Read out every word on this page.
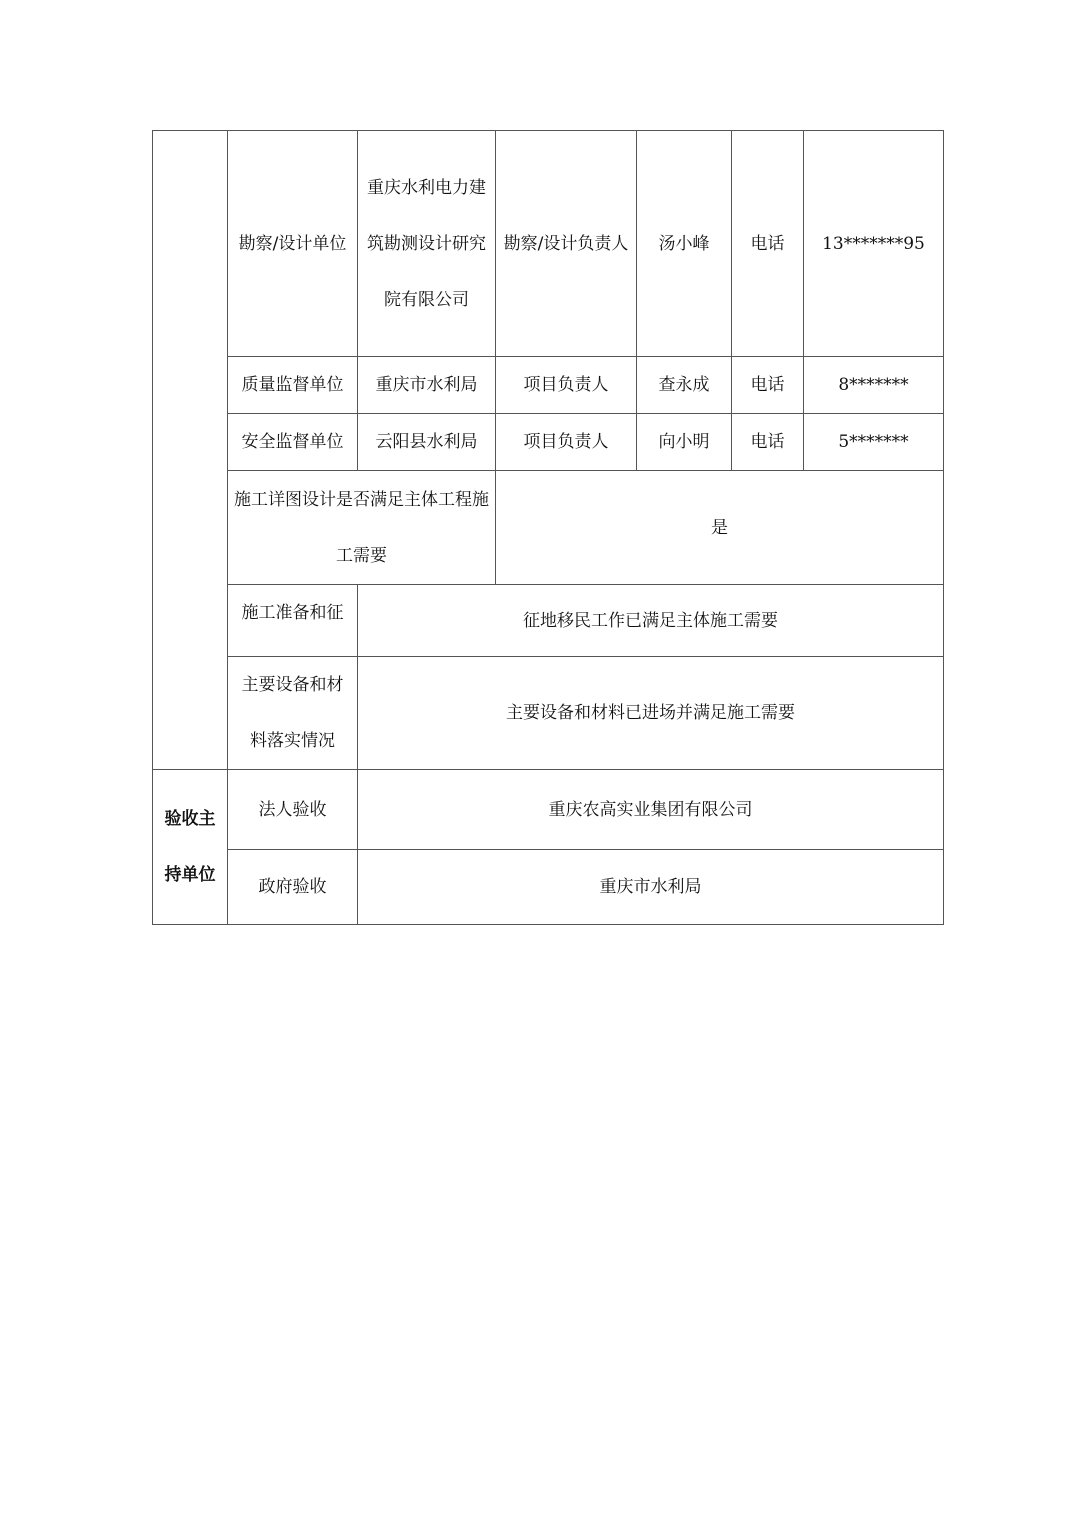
	勘察/设计单位	重庆水利电力建筑勘测设计研究院有限公司	勘察/设计负责人	汤小峰	电话	13*******95
	质量监督单位	重庆市水利局	项目负责人	查永成	电话	8*******
	安全监督单位	云阳县水利局	项目负责人	向小明	电话	5*******
	施工详图设计是否满足主体工程施工需要		是			
	施工准备和征	征地移民工作已满足主体施工需要				
	主要设备和材料落实情况	主要设备和材料已进场并满足施工需要				
验收主持单位	法人验收	重庆农高实业集团有限公司				
	政府验收	重庆市水利局				
